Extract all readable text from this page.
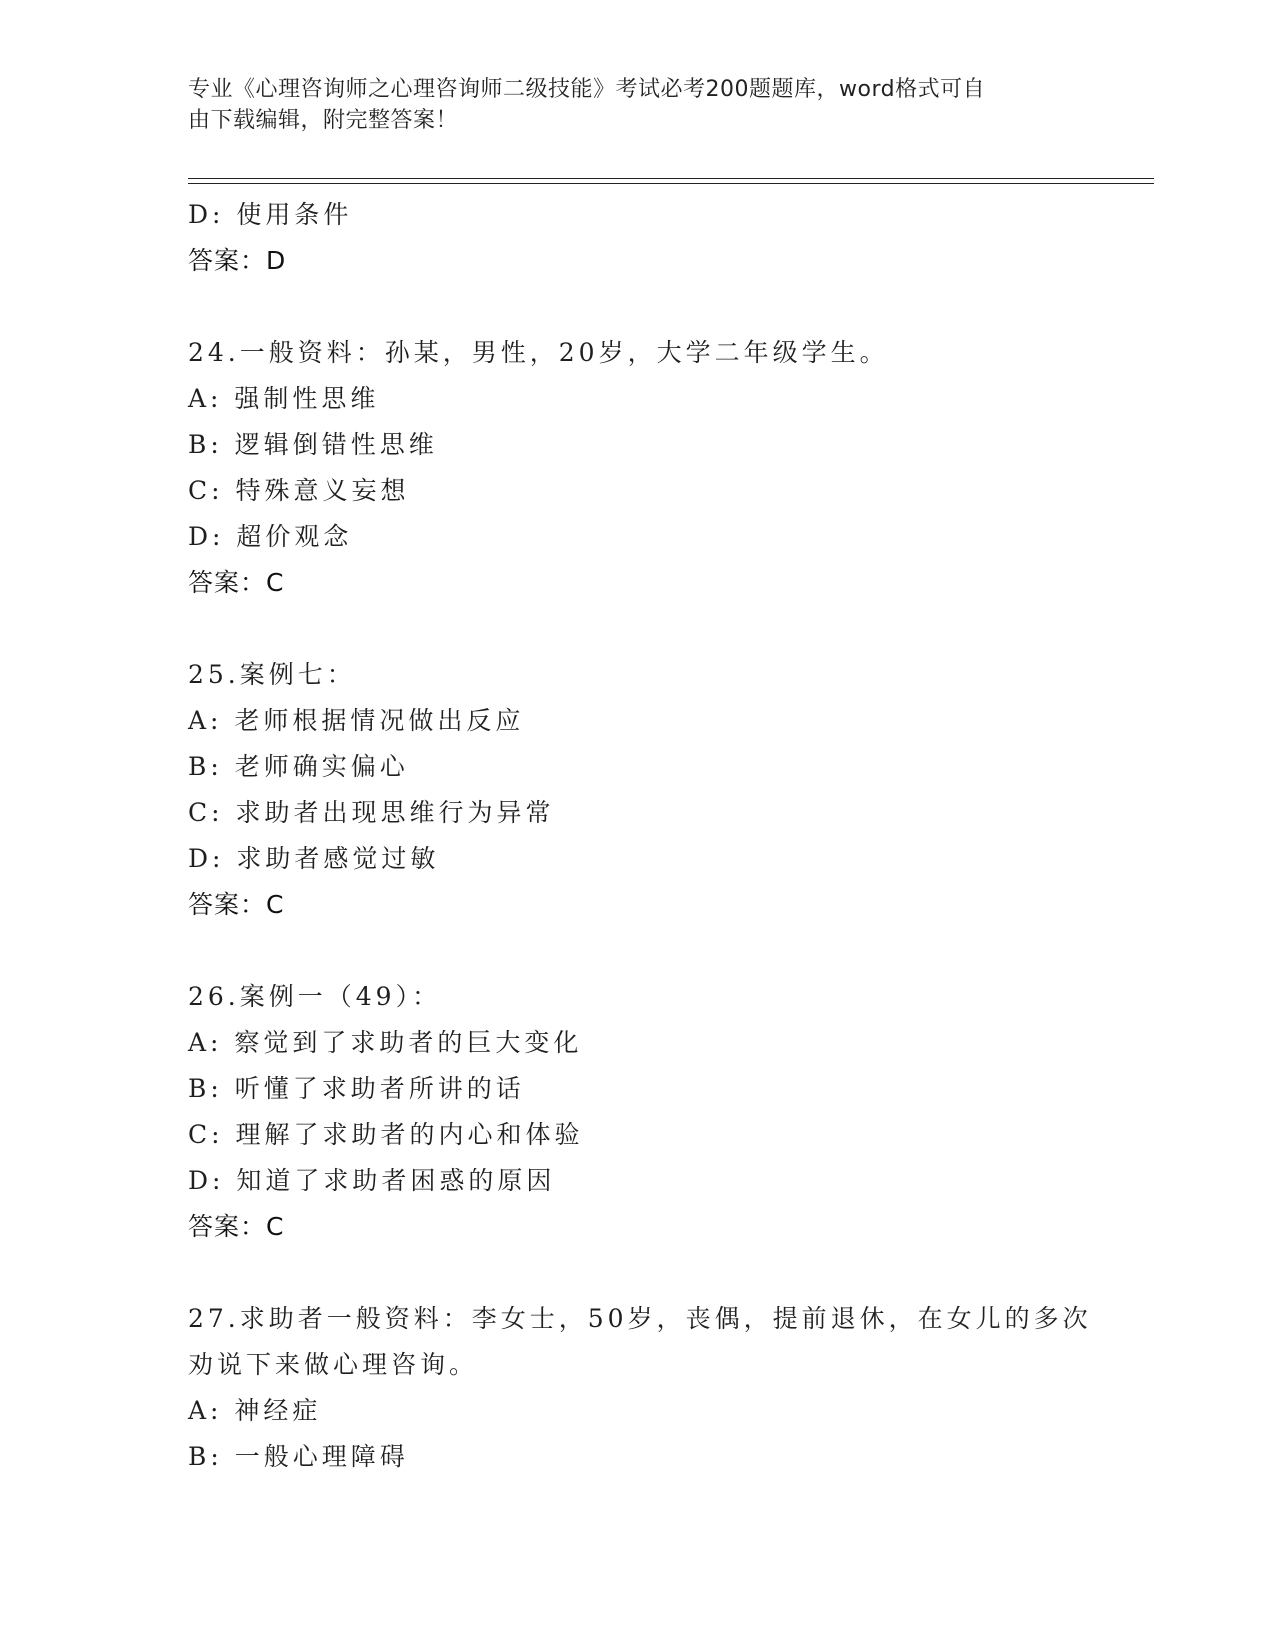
专业《心理咨询师之心理咨询师二级技能》考试必考200题题库，word格式可自
由下载编辑，附完整答案！
D: 使用条件
答案：D
24.一般资料：孙某，男性，20岁，大学二年级学生。
A: 强制性思维
B: 逻辑倒错性思维
C: 特殊意义妄想
D: 超价观念
答案：C
25.案例七：
A: 老师根据情况做出反应
B: 老师确实偏心
C: 求助者出现思维行为异常
D: 求助者感觉过敏
答案：C
26.案例一（49）：
A: 察觉到了求助者的巨大变化
B: 听懂了求助者所讲的话
C: 理解了求助者的内心和体验
D: 知道了求助者困惑的原因
答案：C
27.求助者一般资料：李女士，50岁，丧偶，提前退休，在女儿的多次
劝说下来做心理咨询。
A: 神经症
B: 一般心理障碍
